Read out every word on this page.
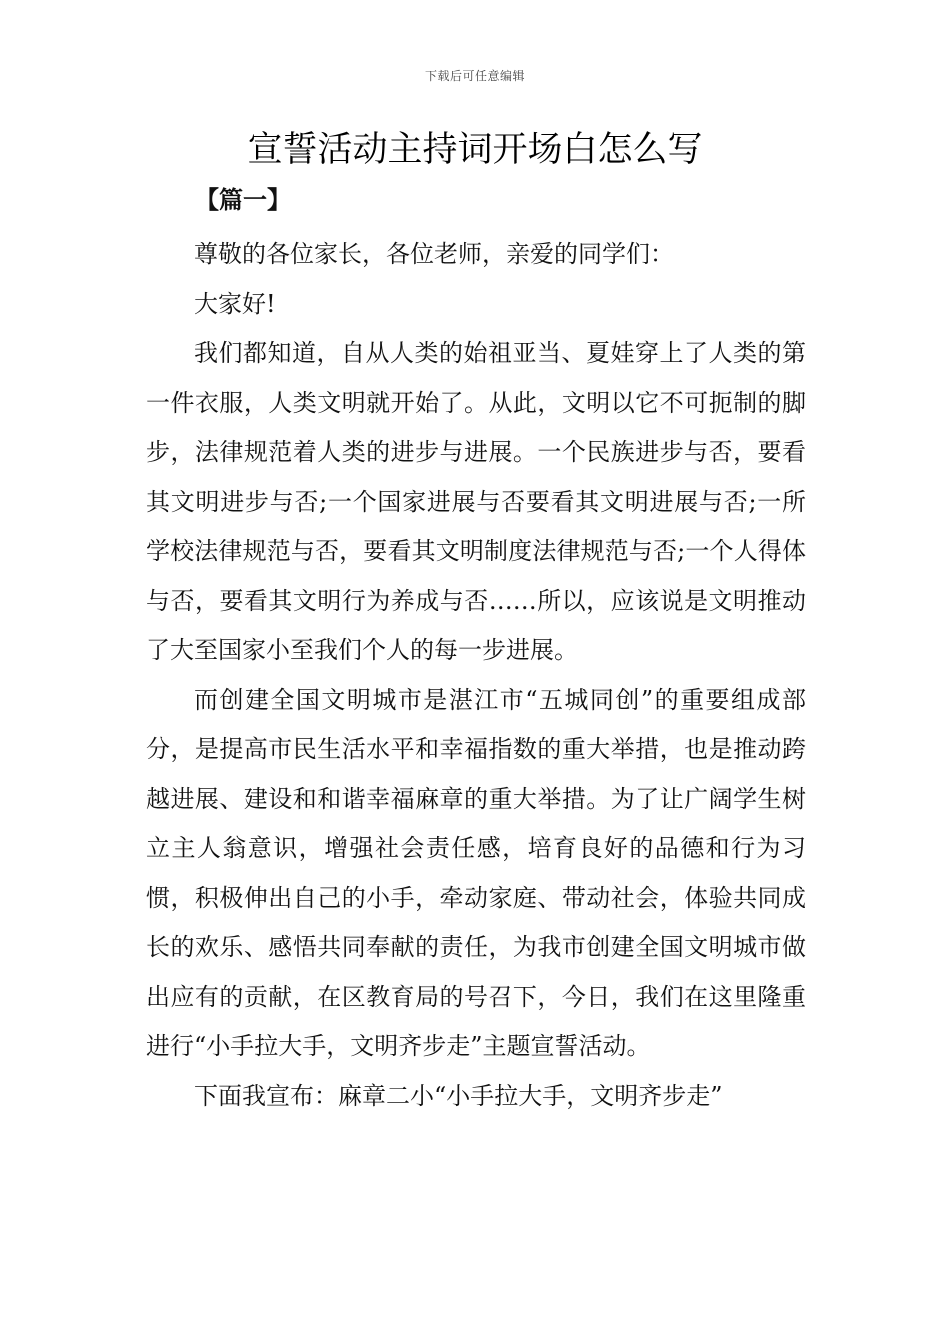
下载后可任意编辑
宣誓活动主持词开场白怎么写

【篇一】

尊敬的各位家长，各位老师，亲爱的同学们：

大家好!

我们都知道，自从人类的始祖亚当、夏娃穿上了人类的第一件衣服，人类文明就开始了。从此，文明以它不可扼制的脚步，法律规范着人类的进步与进展。一个民族进步与否，要看其文明进步与否;一个国家进展与否要看其文明进展与否;一所学校法律规范与否，要看其文明制度法律规范与否;一个人得体与否，要看其文明行为养成与否……所以，应该说是文明推动了大至国家小至我们个人的每一步进展。

而创建全国文明城市是湛江市“五城同创”的重要组成部分，是提高市民生活水平和幸福指数的重大举措，也是推动跨越进展、建设和和谐幸福麻章的重大举措。为了让广阔学生树立主人翁意识，增强社会责任感，培育良好的品德和行为习惯，积极伸出自己的小手，牵动家庭、带动社会，体验共同成长的欢乐、感悟共同奉献的责任，为我市创建全国文明城市做出应有的贡献，在区教育局的号召下，今日，我们在这里隆重进行“小手拉大手，文明齐步走”主题宣誓活动。

下面我宣布：麻章二小“小手拉大手，文明齐步走”
